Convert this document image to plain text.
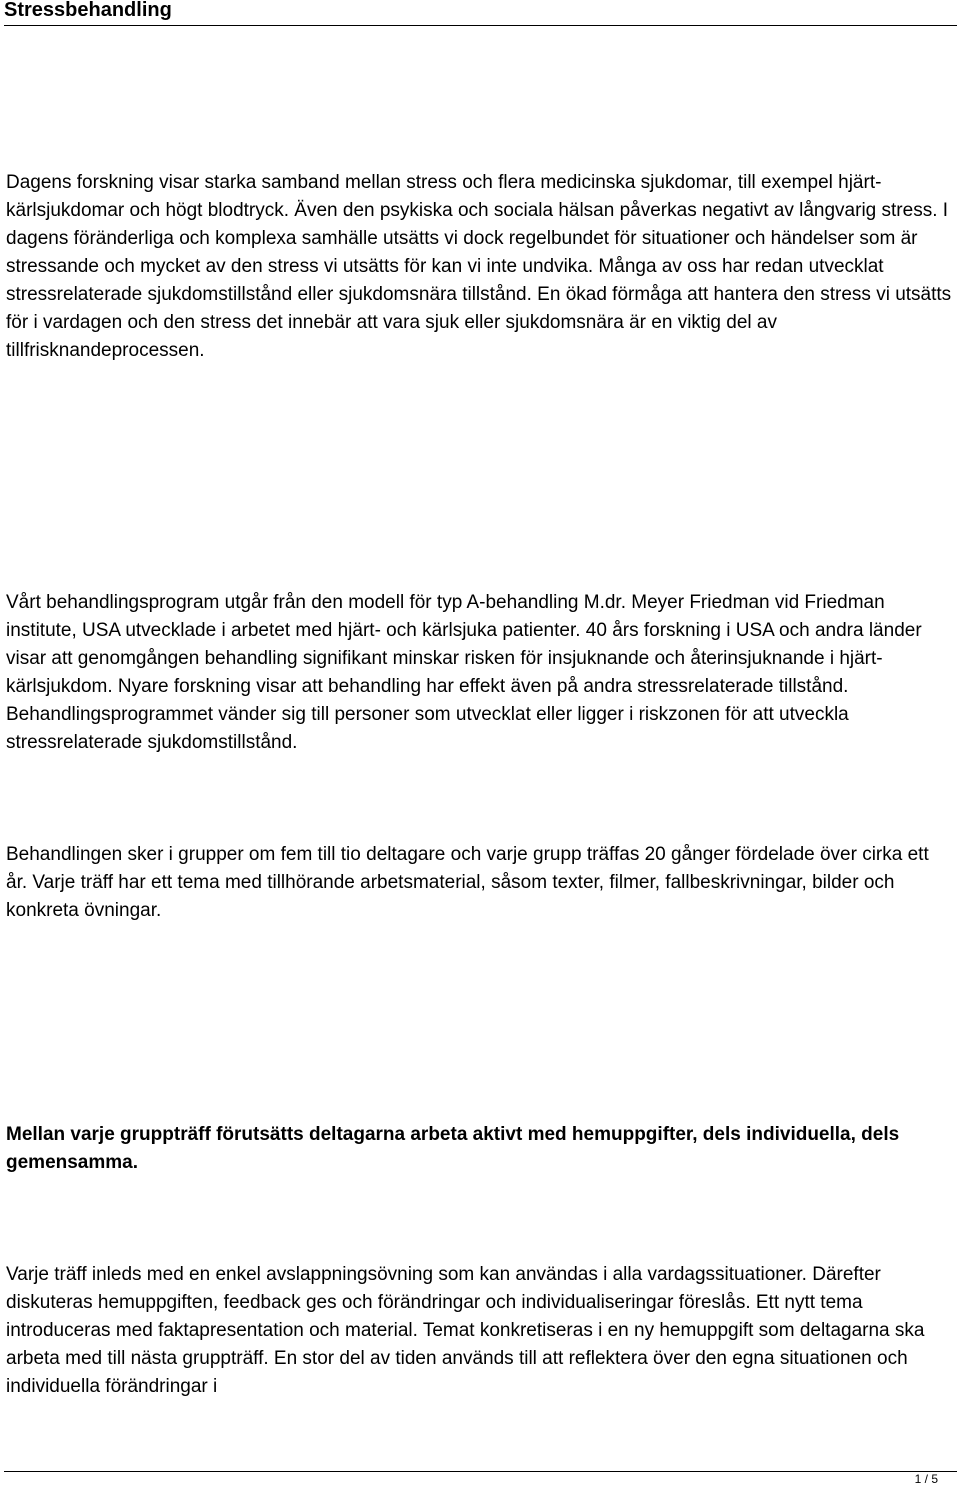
Stressbehandling

Dagens forskning visar starka samband mellan stress och flera medicinska sjukdomar, till exempel hjärt- kärlsjukdomar och högt blodtryck. Även den psykiska och sociala hälsan påverkas negativt av långvarig stress. I dagens föränderliga och komplexa samhälle utsätts vi dock regelbundet för situationer och händelser som är stressande och mycket av den stress vi utsätts för kan vi inte undvika. Många av oss har redan utvecklat stressrelaterade sjukdomstillstånd eller sjukdomsnära tillstånd. En ökad förmåga att hantera den stress vi utsätts för i vardagen och den stress det innebär att vara sjuk eller sjukdomsnära är en viktig del av tillfrisknandeprocessen.

Vårt behandlingsprogram utgår från den modell för typ A-behandling M.dr. Meyer Friedman vid Friedman institute, USA utvecklade i arbetet med hjärt- och kärlsjuka patienter. 40 års forskning i USA och andra länder visar att genomgången behandling signifikant minskar risken för insjuknande och återinsjuknande i hjärt- kärlsjukdom. Nyare forskning visar att behandling har effekt även på andra stressrelaterade tillstånd. Behandlingsprogrammet vänder sig till personer som utvecklat eller ligger i riskzonen för att utveckla stressrelaterade sjukdomstillstånd.

Behandlingen sker i grupper om fem till tio deltagare och varje grupp träffas 20 gånger fördelade över cirka ett år. Varje träff har ett tema med tillhörande arbetsmaterial, såsom texter, filmer, fallbeskrivningar, bilder och konkreta övningar.

Mellan varje gruppträff förutsätts deltagarna arbeta aktivt med hemuppgifter, dels individuella, dels gemensamma.

Varje träff inleds med en enkel avslappningsövning som kan användas i alla vardagssituationer. Därefter diskuteras hemuppgiften, feedback ges och förändringar och individualiseringar föreslås. Ett nytt tema introduceras med faktapresentation och material. Temat konkretiseras i en ny hemuppgift som deltagarna ska arbeta med till nästa gruppträff. En stor del av tiden används till att reflektera över den egna situationen och individuella förändringar i

1 / 5
